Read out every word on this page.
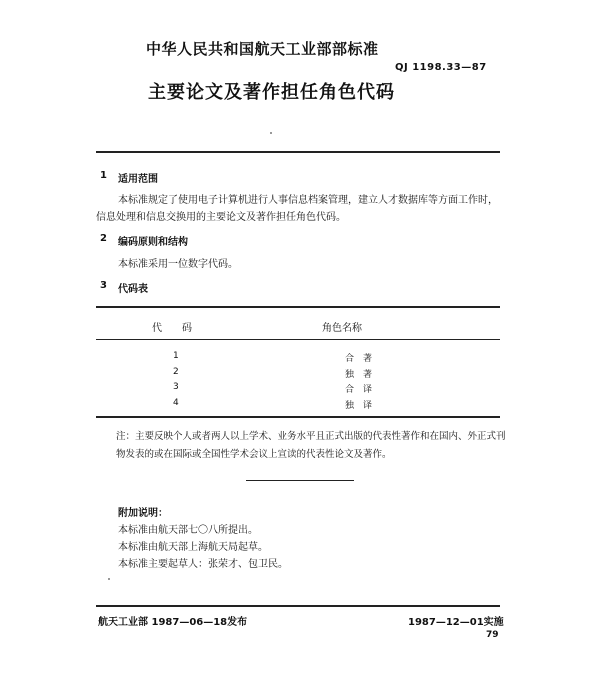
中华人民共和国航天工业部部标准
QJ 1198.33—87
主要论文及著作担任角色代码
1 适用范围
本标准规定了使用电子计算机进行人事信息档案管理，建立人才数据库等方面工作时，
信息处理和信息交换用的主要论文及著作担任角色代码。
2 编码原则和结构
本标准采用一位数字代码。
3 代码表
代　　码	角色名称
1	合　著
2	独　著
3	合　译
4	独　译
注：主要反映个人或者两人以上学术、业务水平且正式出版的代表性著作和在国内、外正式刊
物发表的或在国际或全国性学术会议上宣读的代表性论文及著作。
附加说明：
本标准由航天部七〇八所提出。
本标准由航天部上海航天局起草。
本标准主要起草人：张荣才、包卫民。
航天工业部 1987—06—18发布	1987—12—01实施
79
